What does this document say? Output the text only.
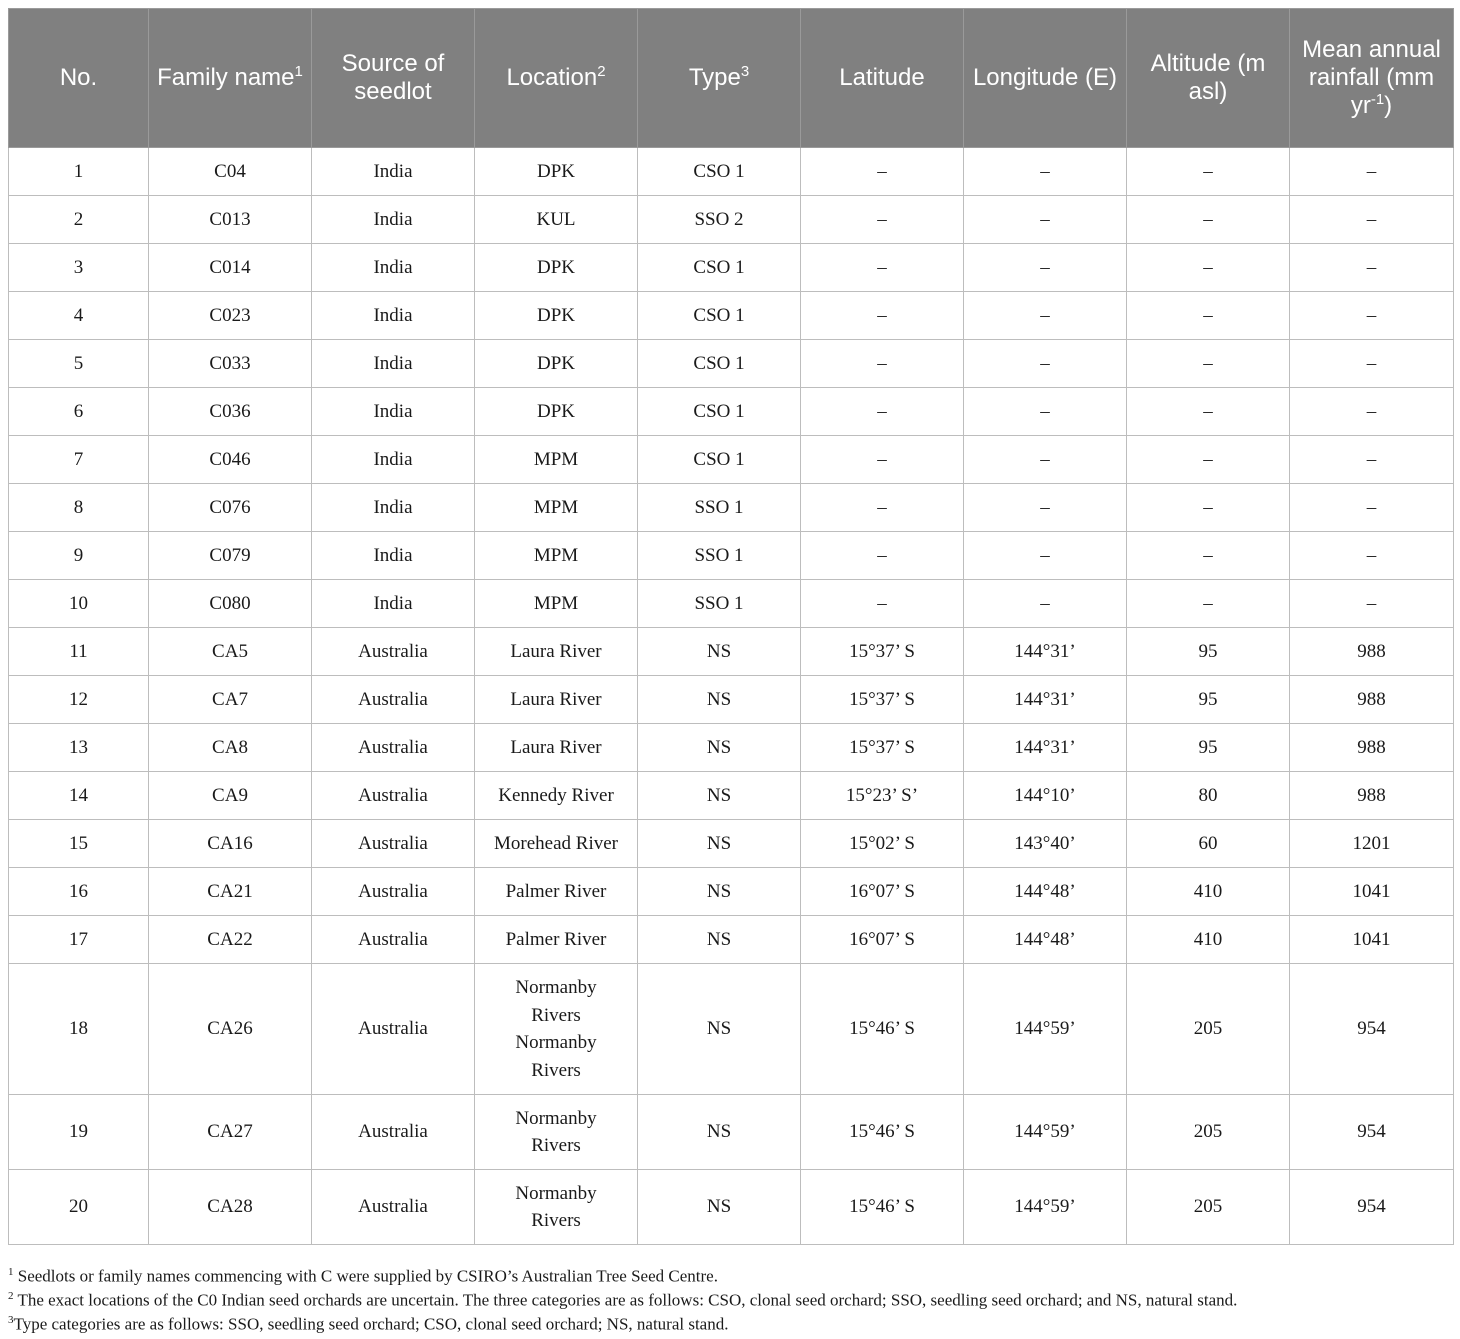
No.	Family name$^1$	Source of seedlot	Location$^2$	Type$^3$	Latitude	Longitude (E)	Altitude (m asl)	Mean annual rainfall (mm $yr^{-1}$)
1	C04	India	DPK	CSO 1	–	–	–	–
2	C013	India	KUL	SSO 2	–	–	–	–
3	C014	India	DPK	CSO 1	–	–	–	–
4	C023	India	DPK	CSO 1	–	–	–	–
5	C033	India	DPK	CSO 1	–	–	–	–
6	C036	India	DPK	CSO 1	–	–	–	–
7	C046	India	MPM	CSO 1	–	–	–	–
8	C076	India	MPM	SSO 1	–	–	–	–
9	C079	India	MPM	SSO 1	–	–	–	–
10	C080	India	MPM	SSO 1	–	–	–	–
11	CA5	Australia	Laura River	NS	15°37’ S	144°31’	95	988
12	CA7	Australia	Laura River	NS	15°37’ S	144°31’	95	988
13	CA8	Australia	Laura River	NS	15°37’ S	144°31’	95	988
14	CA9	Australia	Kennedy River	NS	15°23’ S’	144°10’	80	988
15	CA16	Australia	Morehead River	NS	15°02’ S	143°40’	60	1201
16	CA21	Australia	Palmer River	NS	16°07’ S	144°48’	410	1041
17	CA22	Australia	Palmer River	NS	16°07’ S	144°48’	410	1041
18	CA26	Australia	Normanby
Rivers
Normanby
Rivers	NS	15°46’ S	144°59’	205	954
19	CA27	Australia	Normanby
Rivers	NS	15°46’ S	144°59’	205	954
20	CA28	Australia	Normanby
Rivers	NS	15°46’ S	144°59’	205	954
$^1$ Seedlots or family names commencing with C were supplied by CSIRO’s Australian Tree Seed Centre.
$^2$ The exact locations of the C0 Indian seed orchards are uncertain. The three categories are as follows: CSO, clonal seed orchard; SSO, seedling seed orchard; and NS, natural stand.
$^3$Type categories are as follows: SSO, seedling seed orchard; CSO, clonal seed orchard; NS, natural stand.
